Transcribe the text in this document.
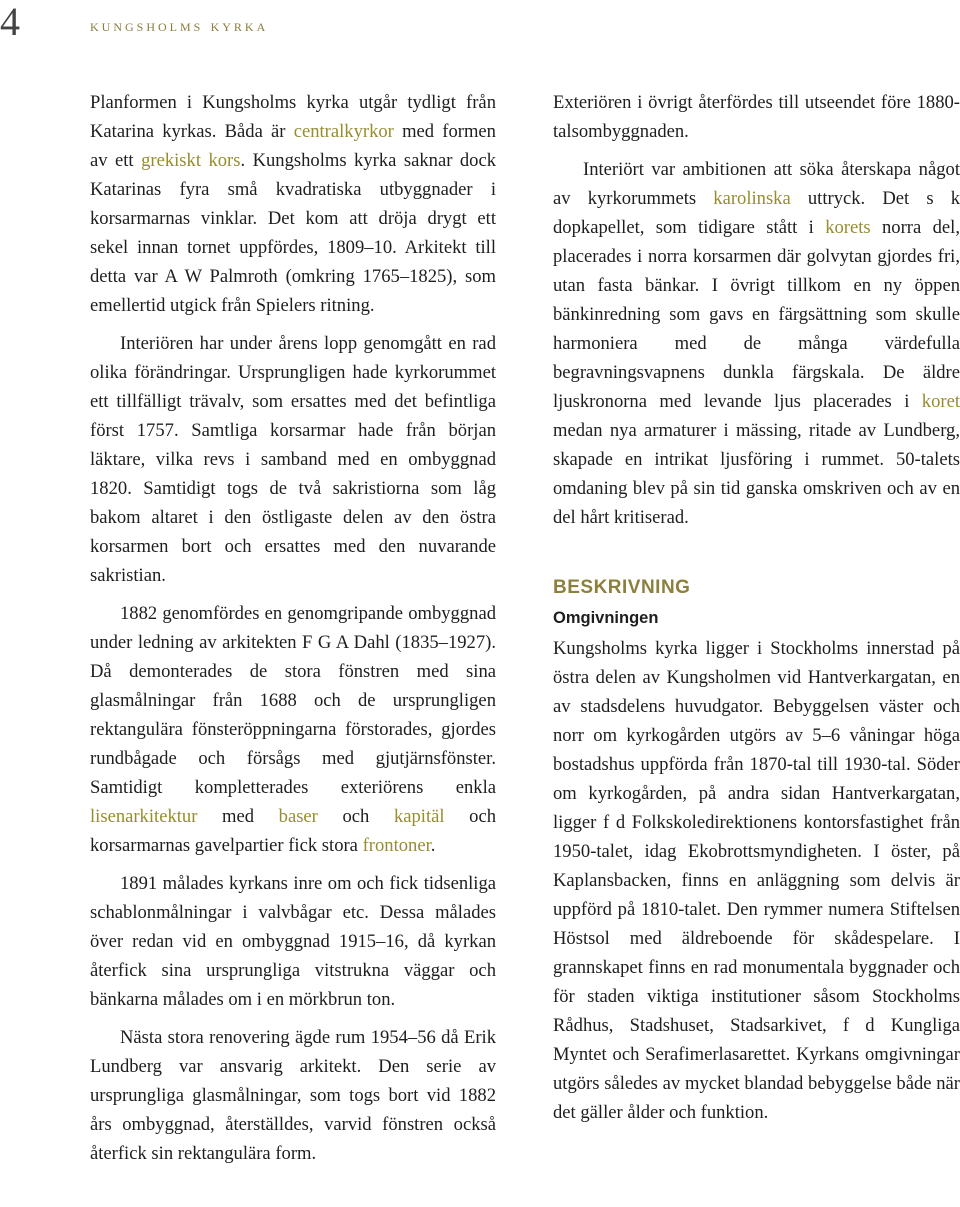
4	kungsholms kyrka

Planformen i Kungsholms kyrka utgår tydligt från Katarina kyrkas. Båda är centralkyrkor med formen av ett grekiskt kors. Kungsholms kyrka saknar dock Katarinas fyra små kvadratiska utbyggnader i korsarmarnas vinklar. Det kom att dröja drygt ett sekel innan tornet uppfördes, 1809–10. Arkitekt till detta var A W Palmroth (omkring 1765–1825), som emellertid utgick från Spielers ritning.

Interiören har under årens lopp genomgått en rad olika förändringar. Ursprungligen hade kyrkorummet ett tillfälligt trävalv, som ersattes med det befintliga först 1757. Samtliga korsarmar hade från början läktare, vilka revs i samband med en ombyggnad 1820. Samtidigt togs de två sakristiorna som låg bakom altaret i den östligaste delen av den östra korsarmen bort och ersattes med den nuvarande sakristian.

1882 genomfördes en genomgripande ombyggnad under ledning av arkitekten F G A Dahl (1835–1927). Då demonterades de stora fönstren med sina glasmålningar från 1688 och de ursprungligen rektangulära fönsteröppningarna förstorades, gjordes rundbågade och försågs med gjutjärnsfönster. Samtidigt kompletterades exteriörens enkla lisenarkitektur med baser och kapitäl och korsarmarnas gavelpartier fick stora frontoner.

1891 målades kyrkans inre om och fick tidsenliga schablonmålningar i valvbågar etc. Dessa målades över redan vid en ombyggnad 1915–16, då kyrkan återfick sina ursprungliga vitstrukna väggar och bänkarna målades om i en mörkbrun ton.

Nästa stora renovering ägde rum 1954–56 då Erik Lundberg var ansvarig arkitekt. Den serie av ursprungliga glasmålningar, som togs bort vid 1882 års ombyggnad, återställdes, varvid fönstren också återfick sin rektangulära form.

Exteriören i övrigt återfördes till utseendet före 1880-talsombyggnaden.

Interiört var ambitionen att söka återskapa något av kyrkorummets karolinska uttryck. Det s k dopkapellet, som tidigare stått i korets norra del, placerades i norra korsarmen där golvytan gjordes fri, utan fasta bänkar. I övrigt tillkom en ny öppen bänkinredning som gavs en färgsättning som skulle harmoniera med de många värdefulla begravningsvapnens dunkla färgskala. De äldre ljuskronorna med levande ljus placerades i koret medan nya armaturer i mässing, ritade av Lundberg, skapade en intrikat ljusföring i rummet. 50-talets omdaning blev på sin tid ganska omskriven och av en del hårt kritiserad.

BESKRIVNING
Omgivningen

Kungsholms kyrka ligger i Stockholms innerstad på östra delen av Kungsholmen vid Hantverkargatan, en av stadsdelens huvudgator. Bebyggelsen väster och norr om kyrkogården utgörs av 5–6 våningar höga bostadshus uppförda från 1870-tal till 1930-tal. Söder om kyrkogården, på andra sidan Hantverkargatan, ligger f d Folkskoledirektionens kontorsfastighet från 1950-talet, idag Ekobrottsmyndigheten. I öster, på Kaplansbacken, finns en anläggning som delvis är uppförd på 1810-talet. Den rymmer numera Stiftelsen Höstsol med äldreboende för skådespelare. I grannskapet finns en rad monumentala byggnader och för staden viktiga institutioner såsom Stockholms Rådhus, Stadshuset, Stadsarkivet, f d Kungliga Myntet och Serafimerlasarettet. Kyrkans omgivningar utgörs således av mycket blandad bebyggelse både när det gäller ålder och funktion.
